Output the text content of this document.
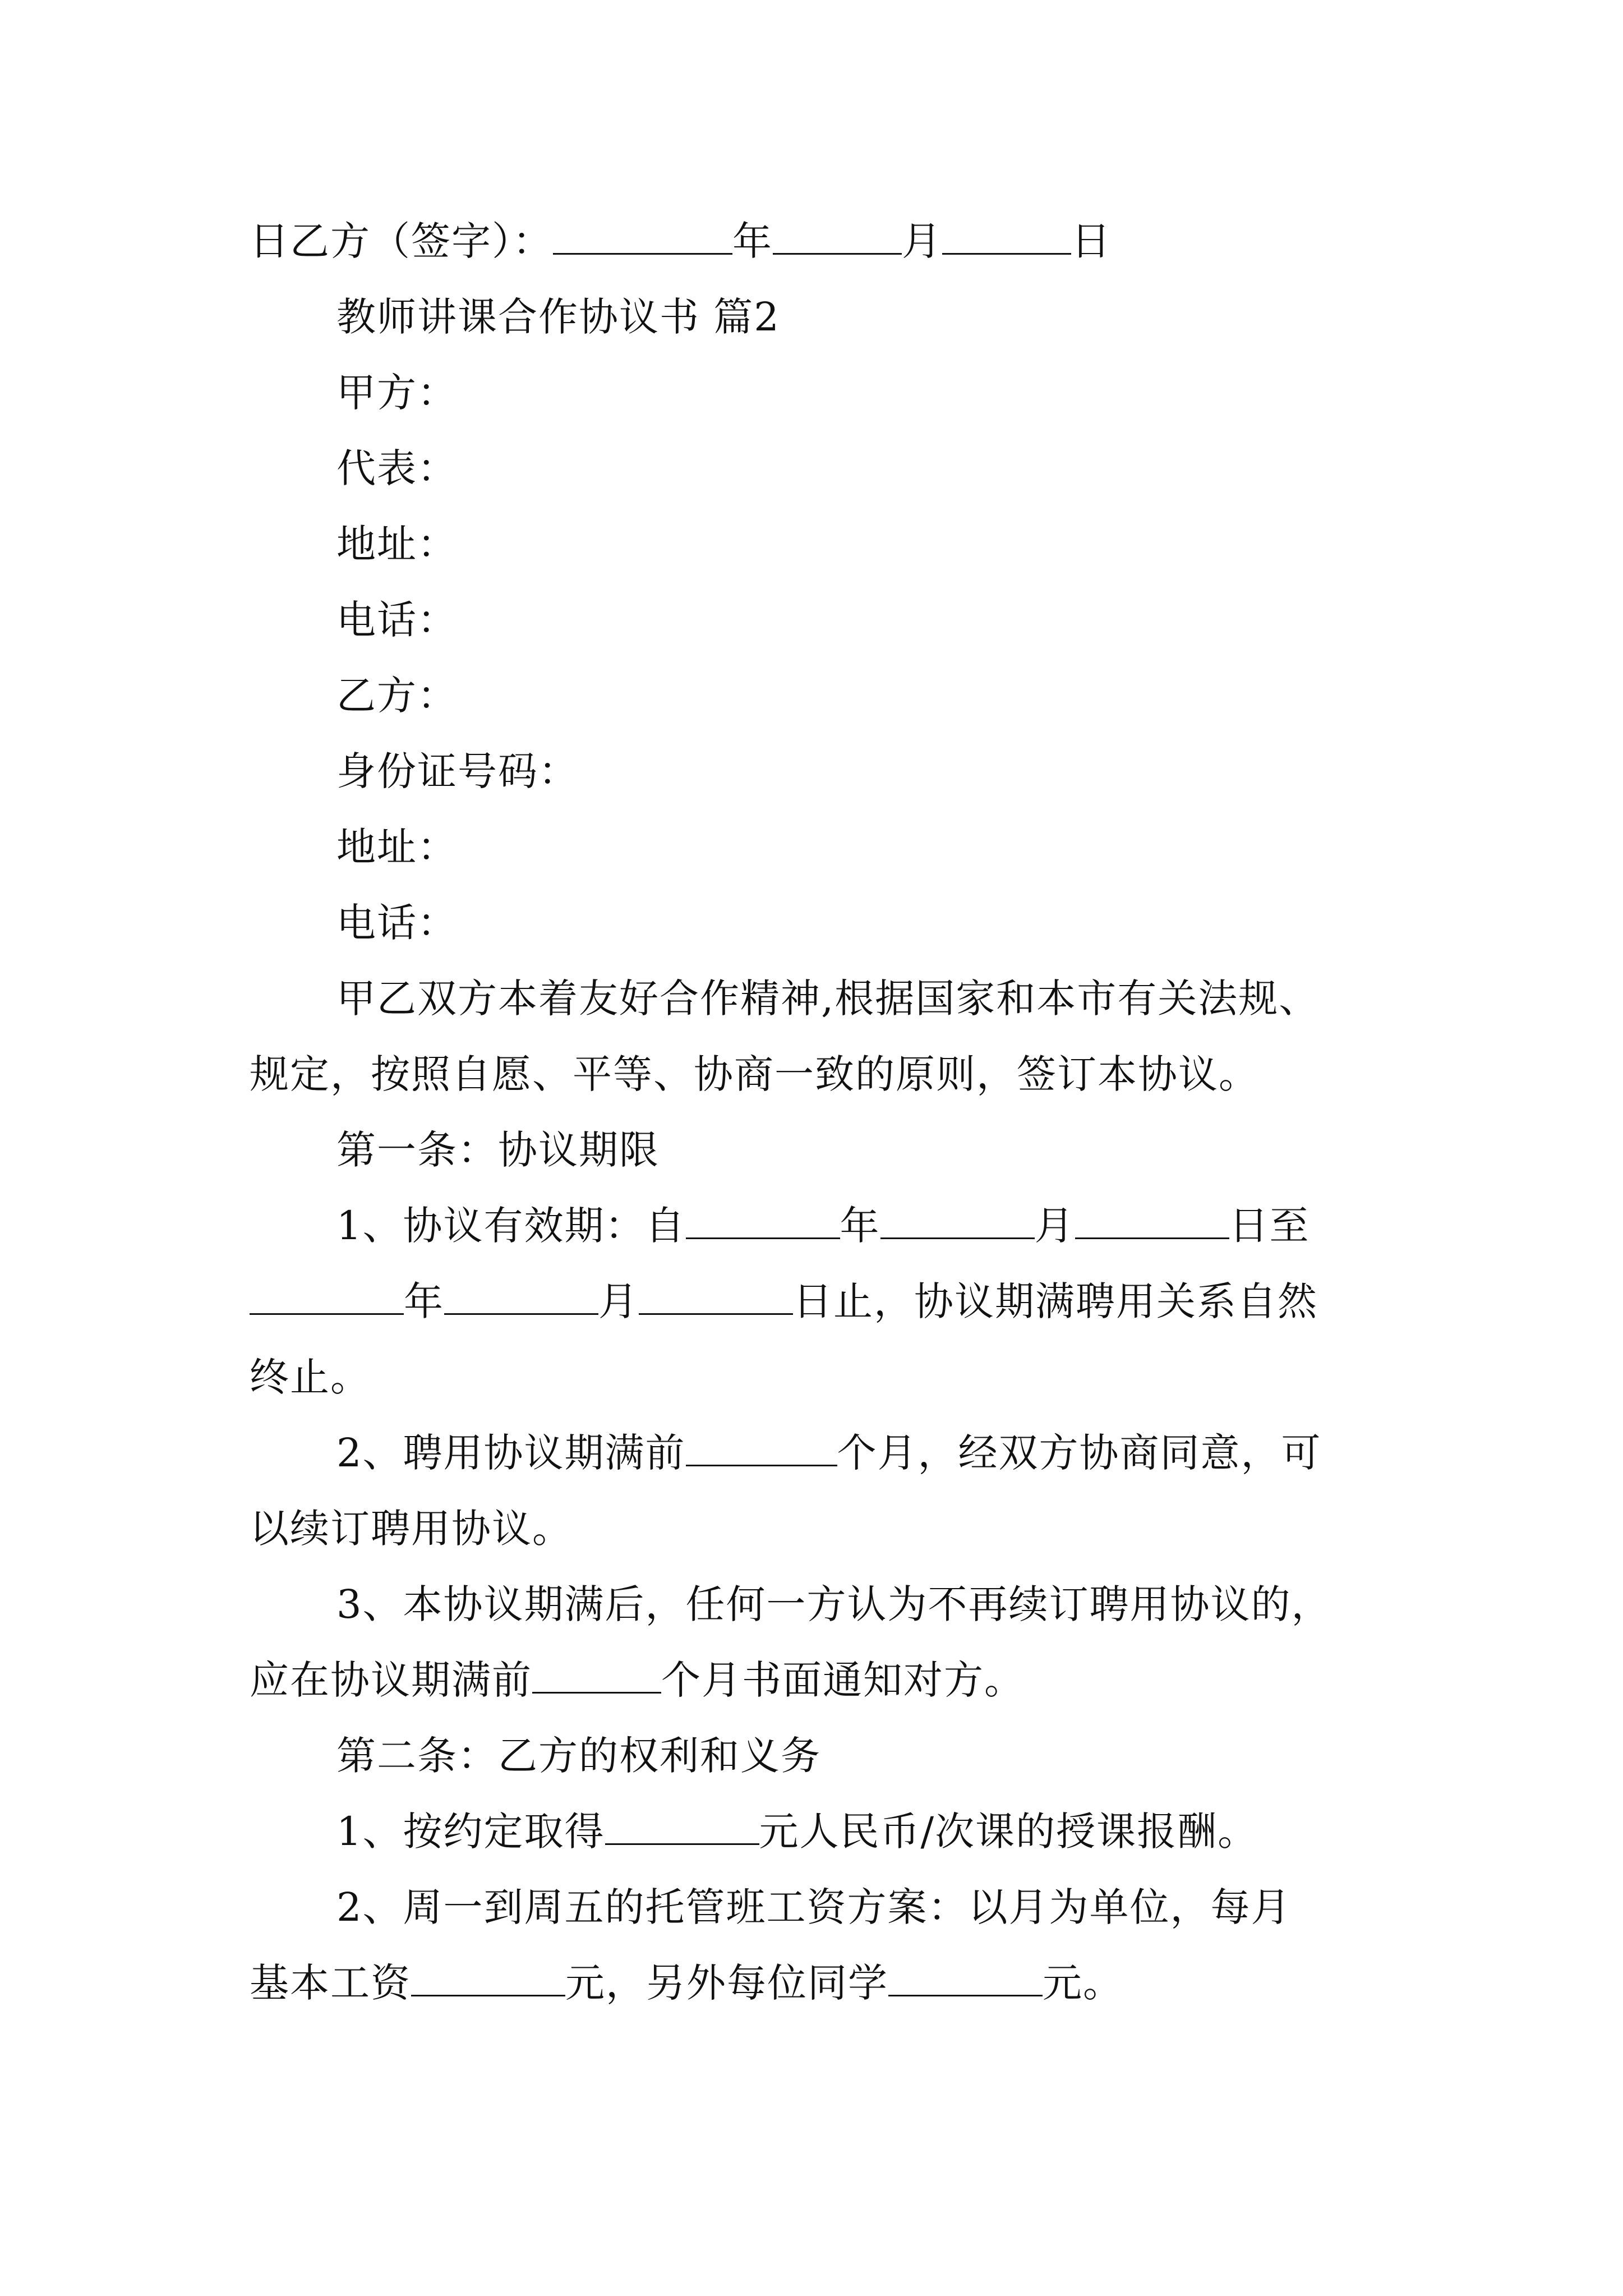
日乙方（签字）：	年	月	日
教师讲课合作协议书 篇2
甲方：
代表：
地址：
电话：
乙方：
身份证号码：
地址：
电话：
甲乙双方本着友好合作精神,根据国家和本市有关法规、
规定，按照自愿、平等、协商一致的原则，签订本协议。
第一条：协议期限
1、协议有效期：自	年	月	日至
年	月	日止，协议期满聘用关系自然
终止。
2、聘用协议期满前	个月，经双方协商同意，可
以续订聘用协议。
3、本协议期满后，任何一方认为不再续订聘用协议的，
应在协议期满前	个月书面通知对方。
第二条：乙方的权利和义务
1、按约定取得	元人民币/次课的授课报酬。
2、周一到周五的托管班工资方案：以月为单位，每月
基本工资	元，另外每位同学	元。
